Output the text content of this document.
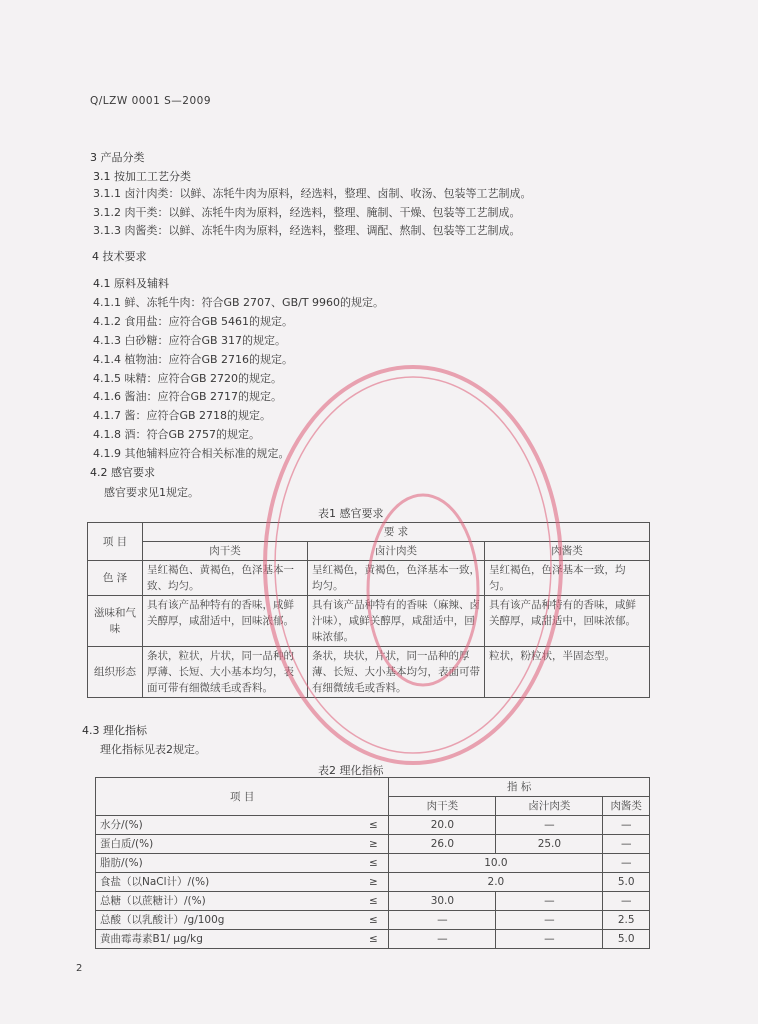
Q/LZW 0001 S—2009
3 产品分类
3.1 按加工工艺分类
3.1.1 卤汁肉类：以鲜、冻牦牛肉为原料，经选料，整理、卤制、收汤、包装等工艺制成。
3.1.2 肉干类：以鲜、冻牦牛肉为原料，经选料，整理、腌制、干燥、包装等工艺制成。
3.1.3 肉酱类：以鲜、冻牦牛肉为原料，经选料，整理、调配、熬制、包装等工艺制成。
4 技术要求
4.1 原料及辅料
4.1.1 鲜、冻牦牛肉：符合GB 2707、GB/T 9960的规定。
4.1.2 食用盐：应符合GB 5461的规定。
4.1.3 白砂糖：应符合GB 317的规定。
4.1.4 植物油：应符合GB 2716的规定。
4.1.5 味精：应符合GB 2720的规定。
4.1.6 酱油：应符合GB 2717的规定。
4.1.7 酱：应符合GB 2718的规定。
4.1.8 酒：符合GB 2757的规定。
4.1.9 其他辅料应符合相关标准的规定。
4.2 感官要求
感官要求见1规定。
表1 感官要求
项 目	要 求		
	肉干类	卤汁肉类	肉酱类
色 泽	呈红褐色、黄褐色，色泽基本一致、均匀。	呈红褐色，黄褐色，色泽基本一致，均匀。	呈红褐色，色泽基本一致，均匀。
滋味和气 味	具有该产品种特有的香味，咸鲜关醇厚，咸甜适中，回味浓郁。	具有该产品种特有的香味（麻辣、卤汁味），咸鲜关醇厚，咸甜适中，回味浓郁。	具有该产品种特有的香味，咸鲜关醇厚，咸甜适中，回味浓郁。
组织形态	条状，粒状，片状，同一品种的厚薄、长短、大小基本均匀，表面可带有细微绒毛或香料。	条状，块状，片状，同一品种的厚薄、长短、大小基本均匀，表面可带有细微绒毛或香料。	粒状，粉粒状，半固态型。
4.3 理化指标
理化指标见表2规定。
表2 理化指标
项 目		指 标		
		肉干类	卤汁肉类	肉酱类
水分/(%)	≤	20.0	—	—
蛋白质/(%)	≥	26.0	25.0	—
脂肪/(%)	≤	10.0		—
食盐（以NaCl计）/(%)	≥	2.0		5.0
总糖（以蔗糖计）/(%)	≤	30.0	—	—
总酸（以乳酸计）/g/100g	≤	—	—	2.5
黄曲霉毒素B1/ μg/kg	≤	—	—	5.0
2
